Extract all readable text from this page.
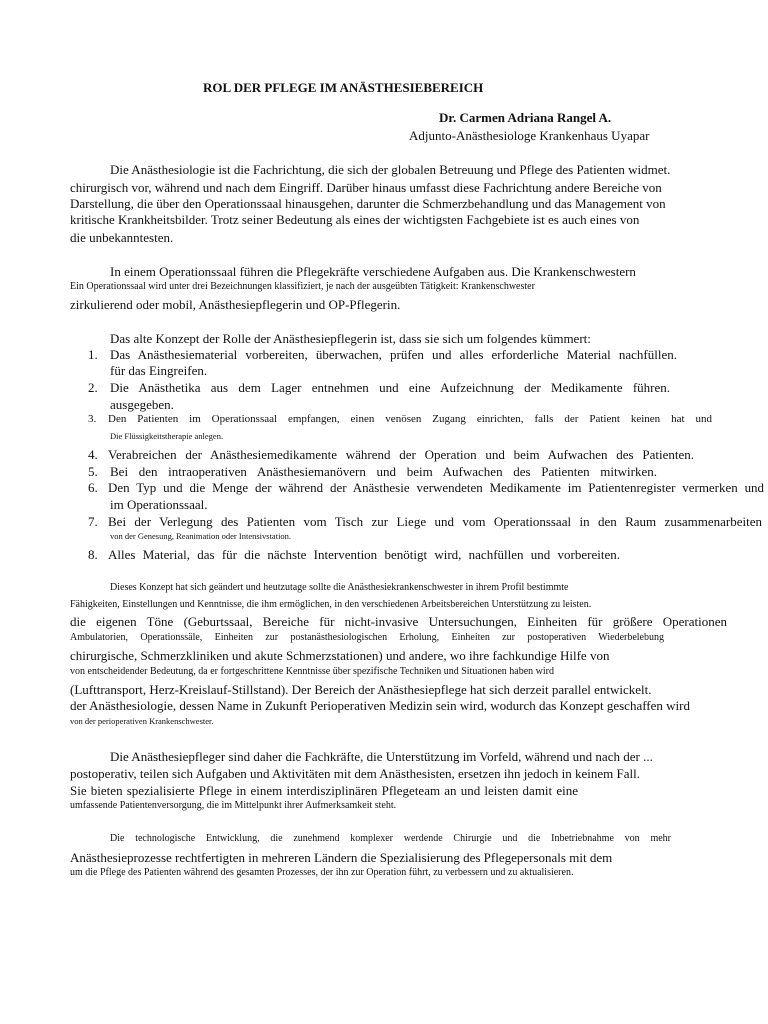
ROL DER PFLEGE IM ANÄSTHESIEBEREICH
Dr. Carmen Adriana Rangel A.
Adjunto-Anästhesiologe Krankenhaus Uyapar
Die Anästhesiologie ist die Fachrichtung, die sich der globalen Betreuung und Pflege des Patienten widmet.
chirurgisch vor, während und nach dem Eingriff. Darüber hinaus umfasst diese Fachrichtung andere Bereiche von
Darstellung, die über den Operationssaal hinausgehen, darunter die Schmerzbehandlung und das Management von
kritische Krankheitsbilder. Trotz seiner Bedeutung als eines der wichtigsten Fachgebiete ist es auch eines von
die unbekanntesten.
In einem Operationssaal führen die Pflegekräfte verschiedene Aufgaben aus. Die Krankenschwestern
Ein Operationssaal wird unter drei Bezeichnungen klassifiziert, je nach der ausgeübten Tätigkeit: Krankenschwester
zirkulierend oder mobil, Anästhesiepflegerin und OP-Pflegerin.
Das alte Konzept der Rolle der Anästhesiepflegerin ist, dass sie sich um folgendes kümmert:
1. Das Anästhesiematerial vorbereiten, überwachen, prüfen und alles erforderliche Material nachfüllen.
für das Eingreifen.
2. Die Anästhetika aus dem Lager entnehmen und eine Aufzeichnung der Medikamente führen.
ausgegeben.
3. Den Patienten im Operationssaal empfangen, einen venösen Zugang einrichten, falls der Patient keinen hat und
Die Flüssigkeitstherapie anlegen.
4. Verabreichen der Anästhesiemedikamente während der Operation und beim Aufwachen des Patienten.
5. Bei den intraoperativen Anästhesiemanövern und beim Aufwachen des Patienten mitwirken.
6. Den Typ und die Menge der während der Anästhesie verwendeten Medikamente im Patientenregister vermerken und
im Operationssaal.
7. Bei der Verlegung des Patienten vom Tisch zur Liege und vom Operationssaal in den Raum zusammenarbeiten
von der Genesung, Reanimation oder Intensivstation.
8. Alles Material, das für die nächste Intervention benötigt wird, nachfüllen und vorbereiten.
Dieses Konzept hat sich geändert und heutzutage sollte die Anästhesiekrankenschwester in ihrem Profil bestimmte
Fähigkeiten, Einstellungen und Kenntnisse, die ihm ermöglichen, in den verschiedenen Arbeitsbereichen Unterstützung zu leisten.
die eigenen Töne (Geburtssaal, Bereiche für nicht-invasive Untersuchungen, Einheiten für größere Operationen
Ambulatorien, Operationssäle, Einheiten zur postanästhesiologischen Erholung, Einheiten zur postoperativen Wiederbelebung
chirurgische, Schmerzkliniken und akute Schmerzstationen) und andere, wo ihre fachkundige Hilfe von
von entscheidender Bedeutung, da er fortgeschrittene Kenntnisse über spezifische Techniken und Situationen haben wird
(Lufttransport, Herz-Kreislauf-Stillstand). Der Bereich der Anästhesiepflege hat sich derzeit parallel entwickelt.
der Anästhesiologie, dessen Name in Zukunft Perioperativen Medizin sein wird, wodurch das Konzept geschaffen wird
von der perioperativen Krankenschwester.
Die Anästhesiepfleger sind daher die Fachkräfte, die Unterstützung im Vorfeld, während und nach der ...
postoperativ, teilen sich Aufgaben und Aktivitäten mit dem Anästhesisten, ersetzen ihn jedoch in keinem Fall.
Sie bieten spezialisierte Pflege in einem interdisziplinären Pflegeteam an und leisten damit eine
umfassende Patientenversorgung, die im Mittelpunkt ihrer Aufmerksamkeit steht.
Die technologische Entwicklung, die zunehmend komplexer werdende Chirurgie und die Inbetriebnahme von mehr
Anästhesieprozesse rechtfertigten in mehreren Ländern die Spezialisierung des Pflegepersonals mit dem
um die Pflege des Patienten während des gesamten Prozesses, der ihn zur Operation führt, zu verbessern und zu aktualisieren.
